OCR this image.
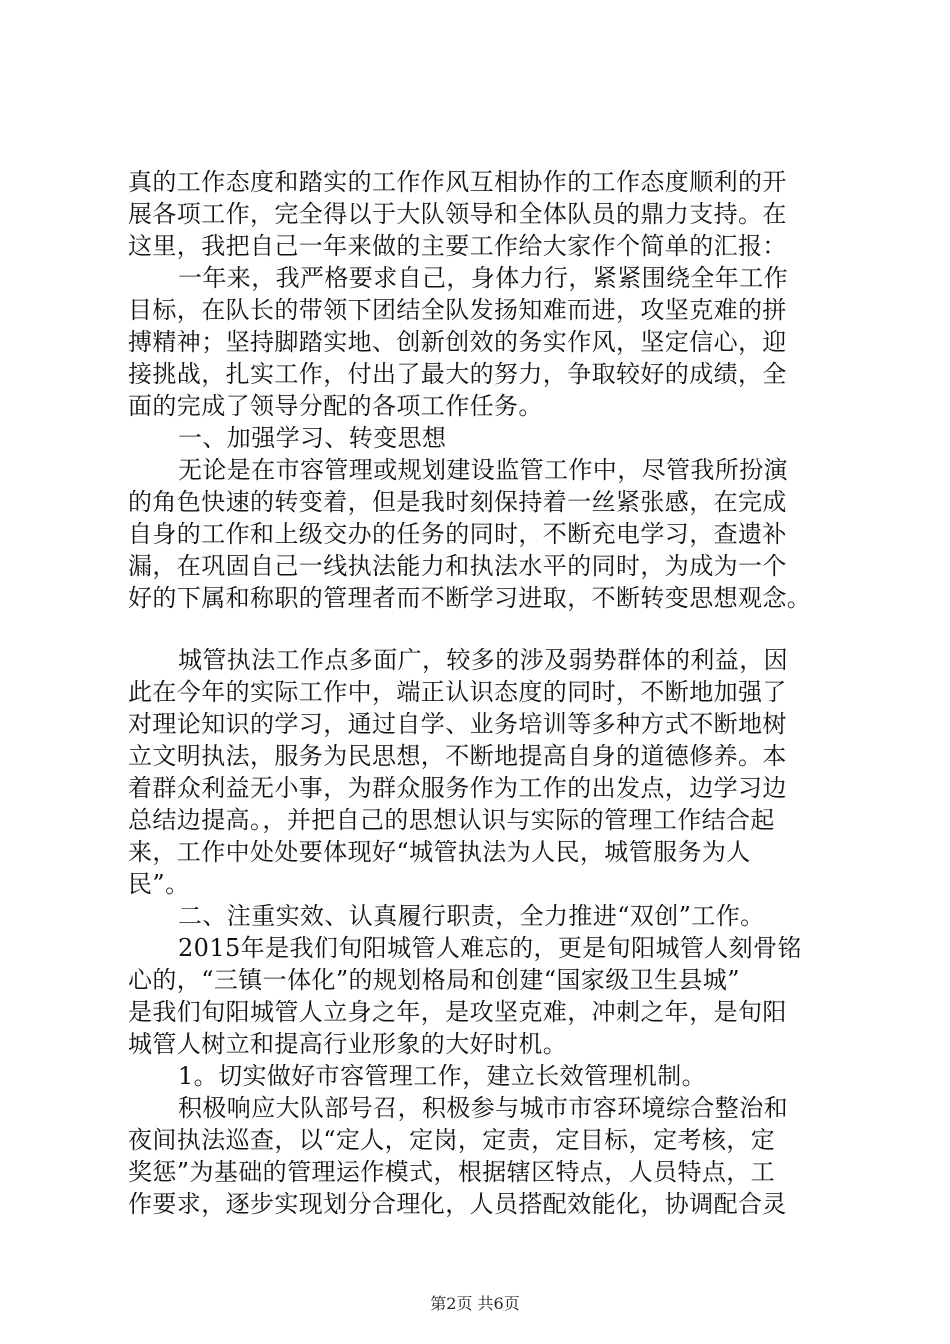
真的工作态度和踏实的工作作风互相协作的工作态度顺利的开
展各项工作，完全得以于大队领导和全体队员的鼎力支持。在
这里，我把自己一年来做的主要工作给大家作个简单的汇报：
一年来，我严格要求自己，身体力行，紧紧围绕全年工作
目标，在队长的带领下团结全队发扬知难而进，攻坚克难的拼
搏精神；坚持脚踏实地、创新创效的务实作风，坚定信心，迎
接挑战，扎实工作，付出了最大的努力，争取较好的成绩，全
面的完成了领导分配的各项工作任务。
一、加强学习、转变思想
无论是在市容管理或规划建设监管工作中，尽管我所扮演
的角色快速的转变着，但是我时刻保持着一丝紧张感，在完成
自身的工作和上级交办的任务的同时，不断充电学习，查遗补
漏，在巩固自己一线执法能力和执法水平的同时，为成为一个
好的下属和称职的管理者而不断学习进取，不断转变思想观念。
城管执法工作点多面广，较多的涉及弱势群体的利益，因
此在今年的实际工作中，端正认识态度的同时，不断地加强了
对理论知识的学习，通过自学、业务培训等多种方式不断地树
立文明执法，服务为民思想，不断地提高自身的道德修养。本
着群众利益无小事，为群众服务作为工作的出发点，边学习边
总结边提高。，并把自己的思想认识与实际的管理工作结合起
来，工作中处处要体现好“城管执法为人民，城管服务为人
民”。
二、注重实效、认真履行职责，全力推进“双创”工作。
2015年是我们旬阳城管人难忘的，更是旬阳城管人刻骨铭
心的，“三镇一体化”的规划格局和创建“国家级卫生县城”
是我们旬阳城管人立身之年，是攻坚克难，冲刺之年，是旬阳
城管人树立和提高行业形象的大好时机。
1。切实做好市容管理工作，建立长效管理机制。
积极响应大队部号召，积极参与城市市容环境综合整治和
夜间执法巡查，以“定人，定岗，定责，定目标，定考核，定
奖惩”为基础的管理运作模式，根据辖区特点，人员特点，工
作要求，逐步实现划分合理化，人员搭配效能化，协调配合灵
第2页 共6页
